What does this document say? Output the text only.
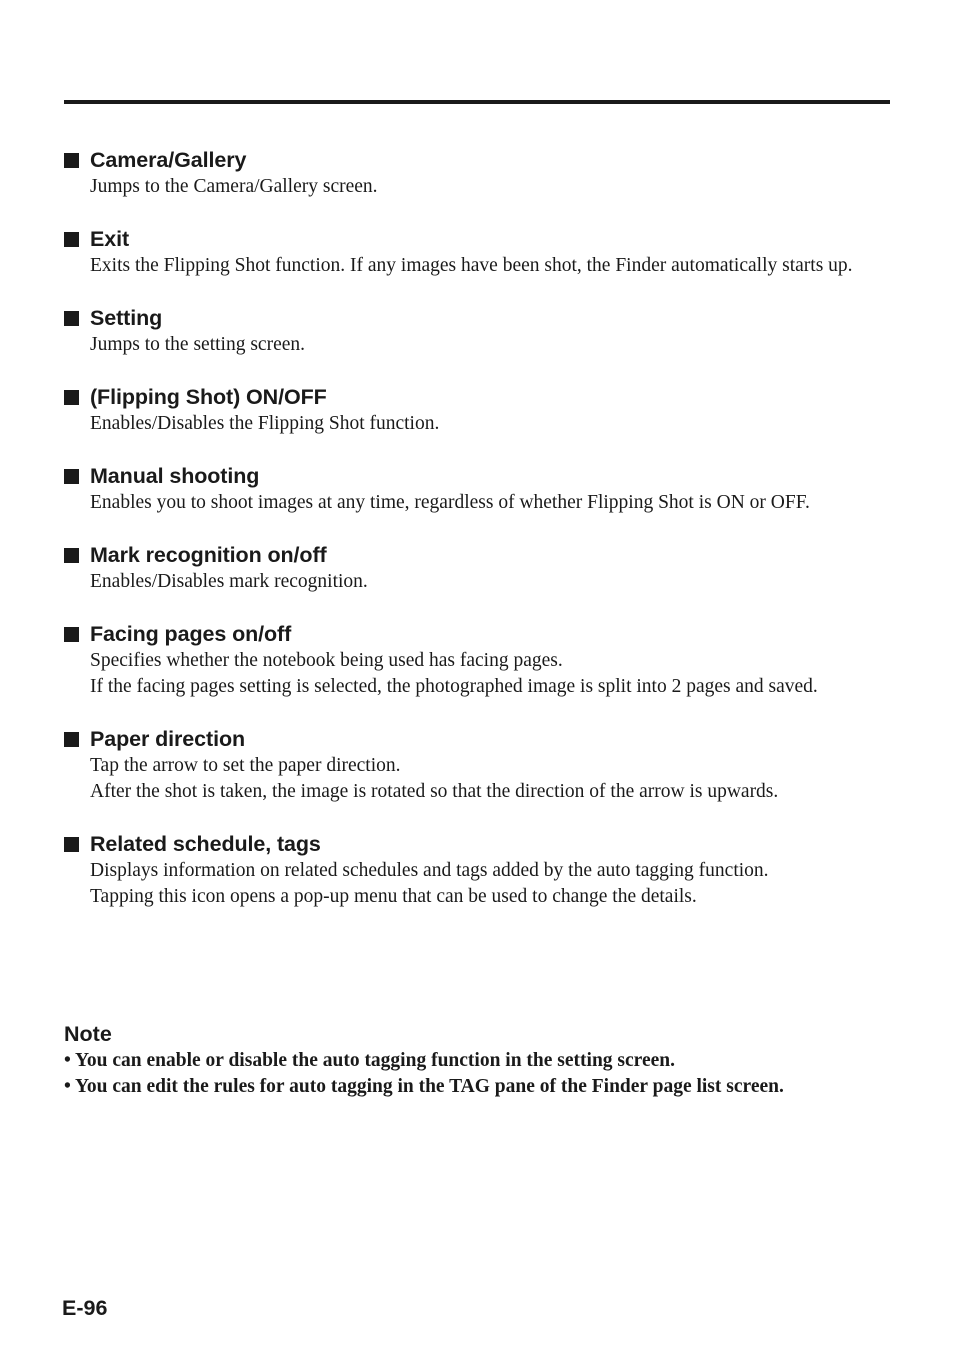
Camera/Gallery

Jumps to the Camera/Gallery screen.

Exit

Exits the Flipping Shot function. If any images have been shot, the Finder automatically starts up.

Setting

Jumps to the setting screen.

(Flipping Shot) ON/OFF

Enables/Disables the Flipping Shot function.

Manual shooting

Enables you to shoot images at any time, regardless of whether Flipping Shot is ON or OFF.

Mark recognition on/off

Enables/Disables mark recognition.

Facing pages on/off

Specifies whether the notebook being used has facing pages.

If the facing pages setting is selected, the photographed image is split into 2 pages and saved.

Paper direction

Tap the arrow to set the paper direction.

After the shot is taken, the image is rotated so that the direction of the arrow is upwards.

Related schedule, tags

Displays information on related schedules and tags added by the auto tagging function.

Tapping this icon opens a pop-up menu that can be used to change the details.

Note
• You can enable or disable the auto tagging function in the setting screen.
• You can edit the rules for auto tagging in the TAG pane of the Finder page list screen.
E-96
